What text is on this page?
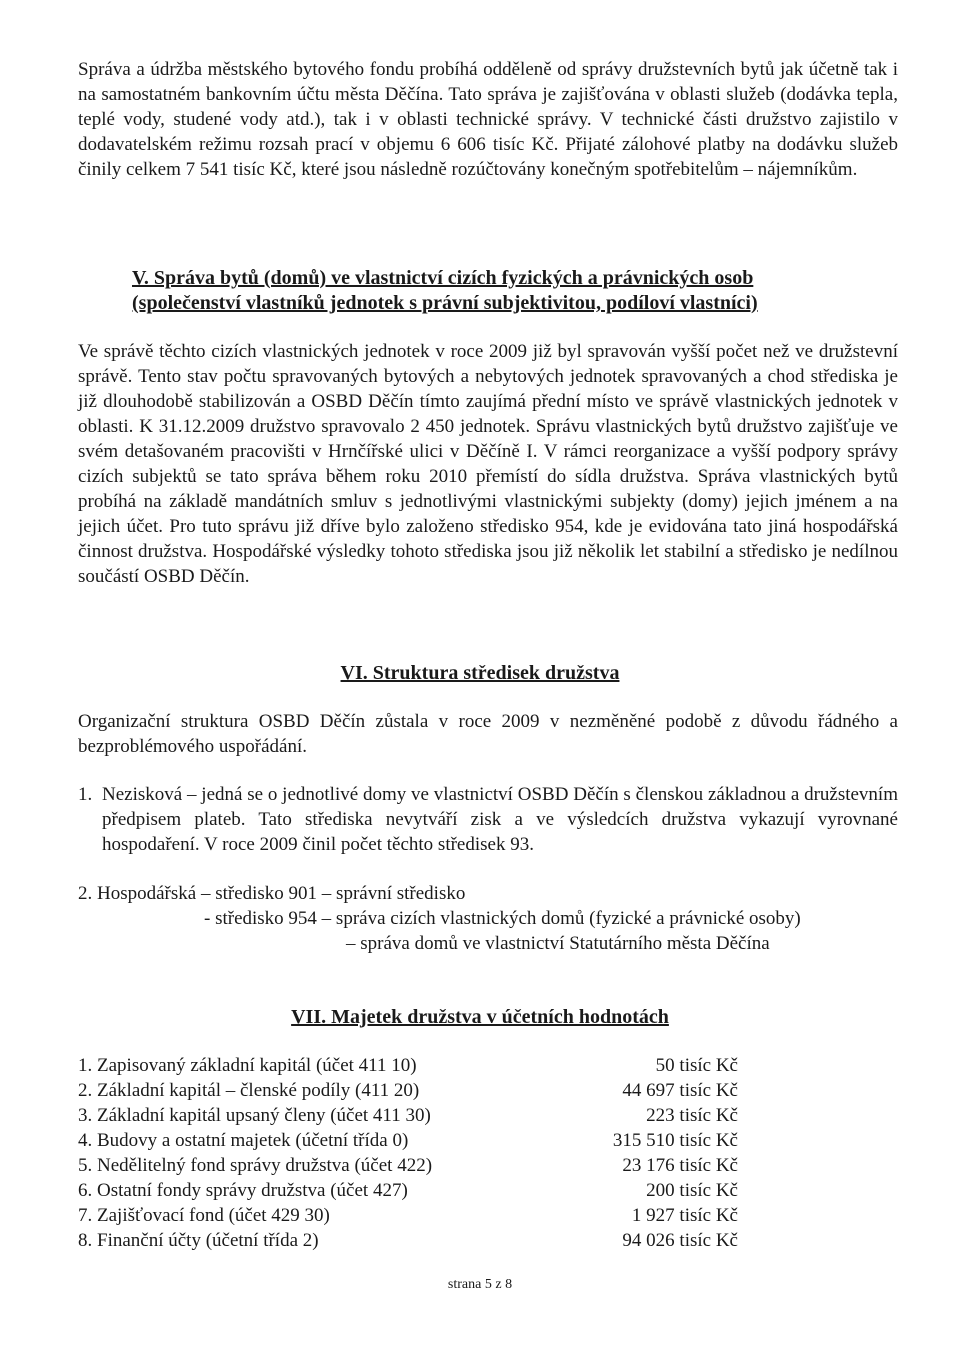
Správa a údržba městského bytového fondu probíhá odděleně od správy družstevních bytů jak účetně tak i na samostatném bankovním účtu města Děčína. Tato správa je zajišťována v oblasti služeb (dodávka tepla, teplé vody, studené vody atd.), tak i v oblasti technické správy. V technické části družstvo zajistilo v dodavatelském režimu rozsah prací v objemu 6 606 tisíc Kč. Přijaté zálohové platby na dodávku služeb činily celkem 7 541 tisíc Kč, které jsou následně rozúčtovány konečným spotřebitelům – nájemníkům.

V. Správa bytů (domů) ve vlastnictví cizích fyzických a právnických osob

(společenství vlastníků jednotek s právní subjektivitou, podíloví vlastníci)

Ve správě těchto cizích vlastnických jednotek v roce 2009 již byl spravován vyšší počet než ve družstevní správě. Tento stav počtu spravovaných bytových a nebytových jednotek spravovaných a chod střediska je již dlouhodobě stabilizován a OSBD Děčín tímto zaujímá přední místo ve správě vlastnických jednotek v oblasti. K 31.12.2009 družstvo spravovalo 2 450 jednotek. Správu vlastnických bytů družstvo zajišťuje ve svém detašovaném pracovišti v Hrnčířské ulici v Děčíně I. V rámci reorganizace a vyšší podpory správy cizích subjektů se tato správa během roku 2010 přemístí do sídla družstva. Správa vlastnických bytů probíhá na základě mandátních smluv s jednotlivými vlastnickými subjekty (domy) jejich jménem a na jejich účet. Pro tuto správu již dříve bylo založeno středisko 954, kde je evidována tato jiná hospodářská činnost družstva. Hospodářské výsledky tohoto střediska jsou již několik let stabilní a středisko je nedílnou součástí OSBD Děčín.

VI. Struktura středisek družstva

Organizační struktura OSBD Děčín zůstala v roce 2009 v nezměněné podobě z důvodu řádného a bezproblémového uspořádání.

1. Nezisková – jedná se o jednotlivé domy ve vlastnictví OSBD Děčín s členskou základnou a družstevním předpisem plateb. Tato střediska nevytváří zisk a ve výsledcích družstva vykazují vyrovnané hospodaření. V roce 2009 činil počet těchto středisek 93.

2. Hospodářská – středisko 901 – správní středisko

- středisko 954 – správa cizích vlastnických domů (fyzické a právnické osoby)

– správa domů ve vlastnictví Statutárního města Děčína

VII. Majetek družstva v účetních hodnotách

1. Zapisovaný základní kapitál (účet 411 10)	50 tisíc Kč
2. Základní kapitál – členské podíly (411 20)	44 697 tisíc Kč
3. Základní kapitál upsaný členy (účet 411 30)	223 tisíc Kč
4. Budovy a ostatní majetek (účetní třída 0)	315 510 tisíc Kč
5. Nedělitelný fond správy družstva (účet 422)	23 176 tisíc Kč
6. Ostatní fondy správy družstva (účet 427)	200 tisíc Kč
7. Zajišťovací fond (účet 429 30)	1 927 tisíc Kč
8. Finanční účty (účetní třída 2)	94 026 tisíc Kč
strana 5 z 8
